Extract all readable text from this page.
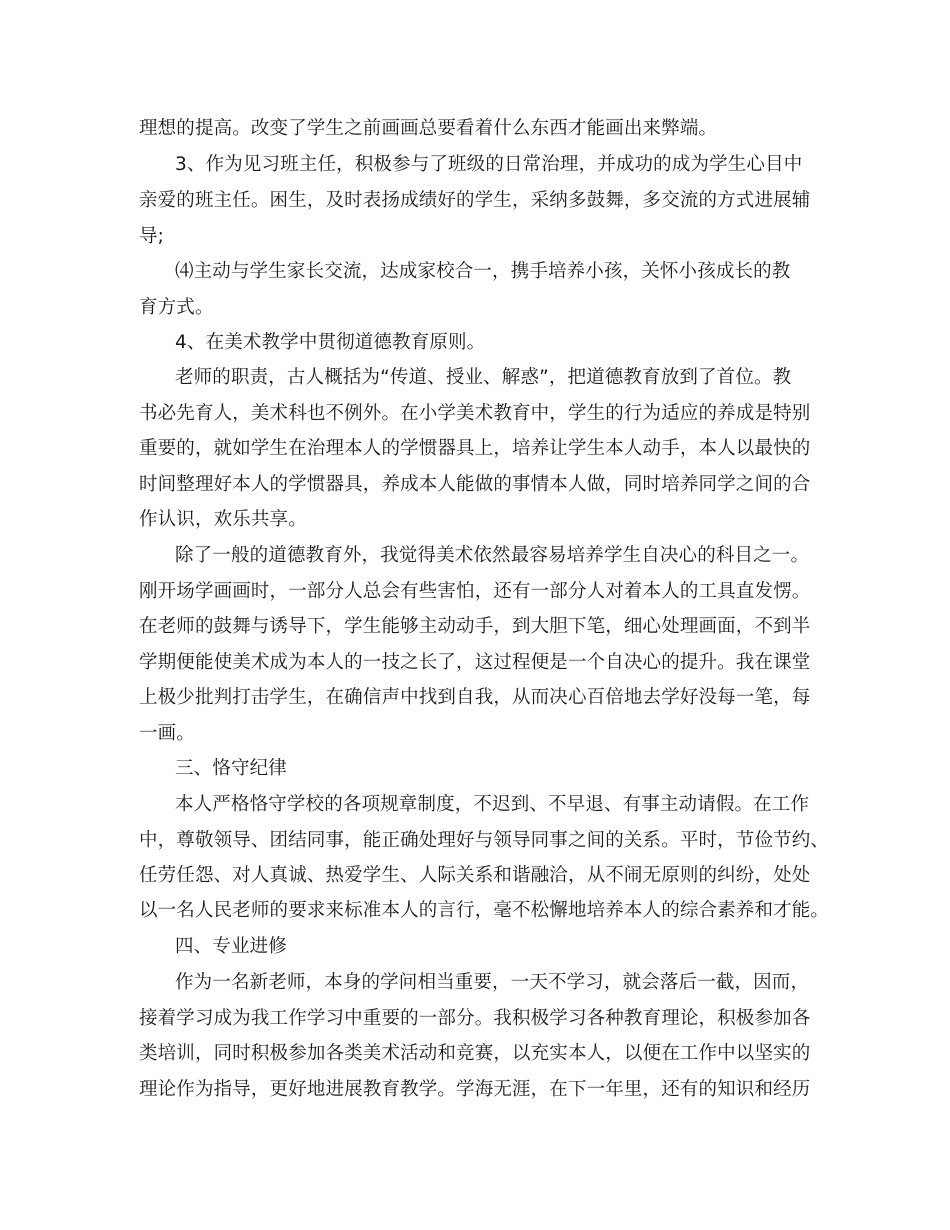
理想的提高。改变了学生之前画画总要看着什么东西才能画出来弊端。
3、作为见习班主任，积极参与了班级的日常治理，并成功的成为学生心目中
亲爱的班主任。困生，及时表扬成绩好的学生，采纳多鼓舞，多交流的方式进展辅
导;
⑷主动与学生家长交流，达成家校合一，携手培养小孩，关怀小孩成长的教
育方式。
4、在美术教学中贯彻道德教育原则。
老师的职责，古人概括为“传道、授业、解惑”，把道德教育放到了首位。教
书必先育人，美术科也不例外。在小学美术教育中，学生的行为适应的养成是特别
重要的，就如学生在治理本人的学惯器具上，培养让学生本人动手，本人以最快的
时间整理好本人的学惯器具，养成本人能做的事情本人做，同时培养同学之间的合
作认识，欢乐共享。
除了一般的道德教育外，我觉得美术依然最容易培养学生自决心的科目之一。
刚开场学画画时，一部分人总会有些害怕，还有一部分人对着本人的工具直发愣。
在老师的鼓舞与诱导下，学生能够主动动手，到大胆下笔，细心处理画面，不到半
学期便能使美术成为本人的一技之长了，这过程便是一个自决心的提升。我在课堂
上极少批判打击学生，在确信声中找到自我，从而决心百倍地去学好没每一笔，每
一画。
三、恪守纪律
本人严格恪守学校的各项规章制度，不迟到、不早退、有事主动请假。在工作
中，尊敬领导、团结同事，能正确处理好与领导同事之间的关系。平时，节俭节约、
任劳任怨、对人真诚、热爱学生、人际关系和谐融洽，从不闹无原则的纠纷，处处
以一名人民老师的要求来标准本人的言行，毫不松懈地培养本人的综合素养和才能。
四、专业进修
作为一名新老师，本身的学问相当重要，一天不学习，就会落后一截，因而，
接着学习成为我工作学习中重要的一部分。我积极学习各种教育理论，积极参加各
类培训，同时积极参加各类美术活动和竞赛，以充实本人，以便在工作中以坚实的
理论作为指导，更好地进展教育教学。学海无涯，在下一年里，还有的知识和经历
